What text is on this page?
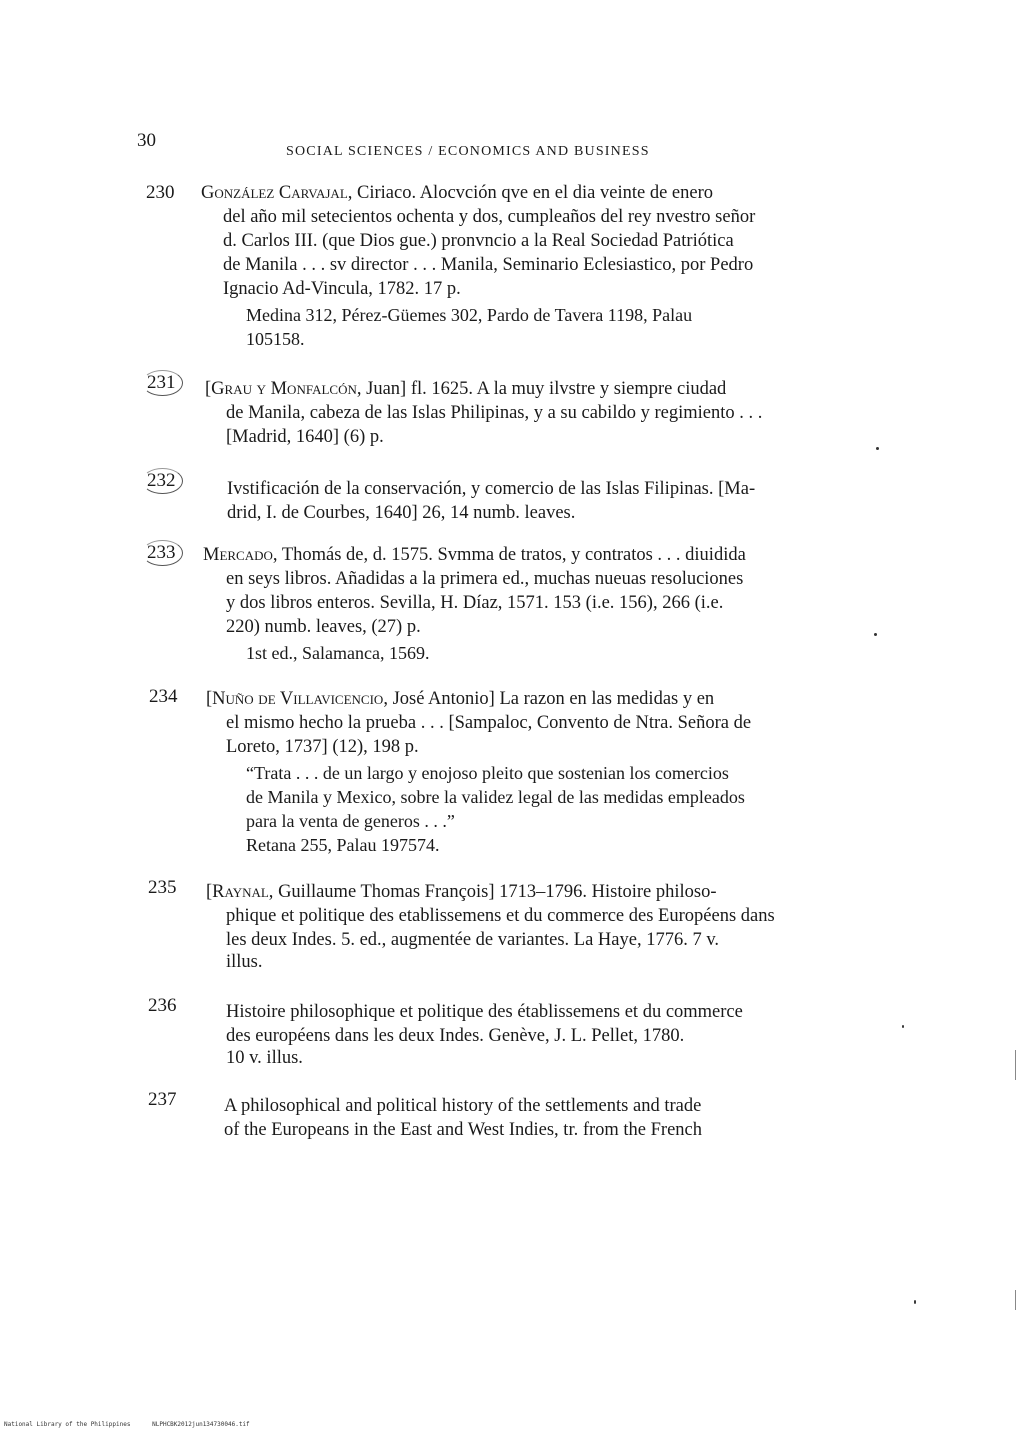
30
SOCIAL SCIENCES / ECONOMICS AND BUSINESS
230 González Carvajal, Ciriaco. Alocvción qve en el dia veinte de enero
del año mil setecientos ochenta y dos, cumpleaños del rey nvestro señor
d. Carlos III. (que Dios gue.) pronvncio a la Real Sociedad Patriótica
de Manila . . . sv director . . . Manila, Seminario Eclesiastico, por Pedro
Ignacio Ad-Vincula, 1782. 17 p.
Medina 312, Pérez-Güemes 302, Pardo de Tavera 1198, Palau
105158.
231	[Grau y Monfalcón, Juan] fl. 1625. A la muy ilvstre y siempre ciudad
de Manila, cabeza de las Islas Philipinas, y a su cabildo y regimiento . . .
[Madrid, 1640] (6) p.
232	Ivstificación de la conservación, y comercio de las Islas Filipinas. [Ma-
drid, I. de Courbes, 1640] 26, 14 numb. leaves.
233	Mercado, Thomás de, d. 1575. Svmma de tratos, y contratos . . . diuidida
en seys libros. Añadidas a la primera ed., muchas nueuas resoluciones
y dos libros enteros. Sevilla, H. Díaz, 1571. 153 (i.e. 156), 266 (i.e.
220) numb. leaves, (27) p.
1st ed., Salamanca, 1569.
234 [Nuño de Villavicencio, José Antonio] La razon en las medidas y en
el mismo hecho la prueba . . . [Sampaloc, Convento de Ntra. Señora de
Loreto, 1737] (12), 198 p.
“Trata . . . de un largo y enojoso pleito que sostenian los comercios
de Manila y Mexico, sobre la validez legal de las medidas empleados
para la venta de generos . . .”
Retana 255, Palau 197574.
235 [Raynal, Guillaume Thomas François] 1713–1796. Histoire philoso-
phique et politique des etablissemens et du commerce des Européens dans
les deux Indes. 5. ed., augmentée de variantes. La Haye, 1776. 7 v.
illus.
236	Histoire philosophique et politique des établissemens et du commerce
des européens dans les deux Indes. Genève, J. L. Pellet, 1780.
10 v. illus.
237	A philosophical and political history of the settlements and trade
of the Europeans in the East and West Indies, tr. from the French
National Library of the Philippines	NLPHCBK2012jun134730046.tif
